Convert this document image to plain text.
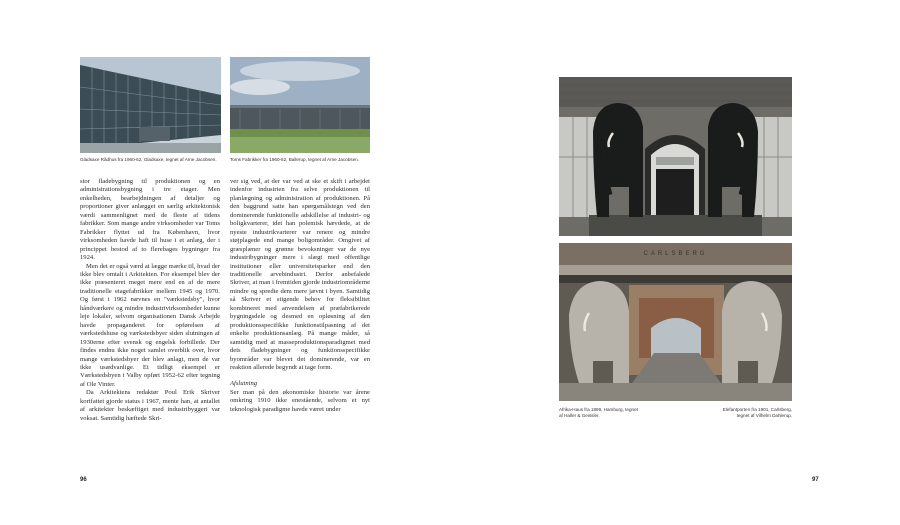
Gladsaxe Rådhus fra 1960-62, Gladsaxe, tegnet af Arne Jacobsen.	Toms Fabrikker fra 1960-62, Ballerup, tegnet af Arne Jacobsen.

stor fladebygning til produktionen og en administrationsbygning i tre etager. Men enkelheden, bearbejdningen af detaljer og proportioner giver anlægget en særlig arkitektonisk værdi sammenlignet med de fleste af tidens fabrikker. Som mange andre virksomheder var Toms Fabrikker flyttet ud fra København, hvor virksomheden havde haft til huse i et anlæg, der i princippet bestod af to flerebages bygninger fra 1924.

Men det er også værd at lægge mærke til, hvad der ikke blev omtalt i Arkitekten. For eksempel blev der ikke præsenteret meget mere end en af de mere traditionelle etagefabrikker mellem 1945 og 1970. Og først i 1962 nævnes en "værkstedsby", hvor håndværkere og mindre industrivirksomheder kunne leje lokaler, selvom organisationen Dansk Arbejde havde propaganderet for opførelsen af værkstedshuse og værkstedsbyer siden slutningen af 1930erne efter svensk og engelsk forbillede. Der findes endnu ikke noget samlet overblik over, hvor mange værkstedsbyer der blev anlagt, men de var ikke usædvanlige. Et tidligt eksempel er Værkstedsbyen i Valby opført 1952-62 efter tegning af Ole Vinter.

Da Arkitektens redaktør Poul Erik Skriver kortfattet gjorde status i 1967, mente han, at antallet af arkitekter beskæftiget med industribyggeri var voksat. Samtidig hæftede Skri-

ver sig ved, at der var ved at ske et skift i arbejdet indenfor industrien fra selve produktionen til planlægning og administration af produktionen. På den baggrund satte han spørgsmålstegn ved den dominerende funktionelle adskillelse af industri- og boligkvarterer, idet han polemisk hævdede, at de nyeste industrikvarterer var renere og mindre støjplagede end mange boligområder. Omgivet af græsplæner og grønne bevoksninger var de nye industribygninger mere i slægt med offentlige institutioner eller universitetsparker end den traditionelle arvebindustri. Derfor anbefalede Skriver, at man i fremtiden gjorde industriområderne mindre og spredte dem mere jævnt i byen. Samtidig så Skriver et stigende behov for fleksibilitet kombineret med anvendelsen af præfabrikerede bygningsdele og desmed en opløsning af den produktionsspecifikke funktionstilpasning af det enkelte produktionsanlæg. På mange måder, så samtidig med at masseproduktionsparadigmet med dets fladebygninger og funktionsspecifikke byområder var blevet det dominerende, var en reaktion allerede begyndt at tage form.

Afslutning

Ser man på den økonomiske historie var årene omkring 1910 ikke enestående, selvom et nyt teknologisk paradigme havde været under

96
CARLSBERG
Afrika-Haus fra 1899, Hamburg, tegnet af Haller & Geissler.
Elefantporten fra 1901, Carlsberg, tegnet af Vilhelm Dahlerup.
97
